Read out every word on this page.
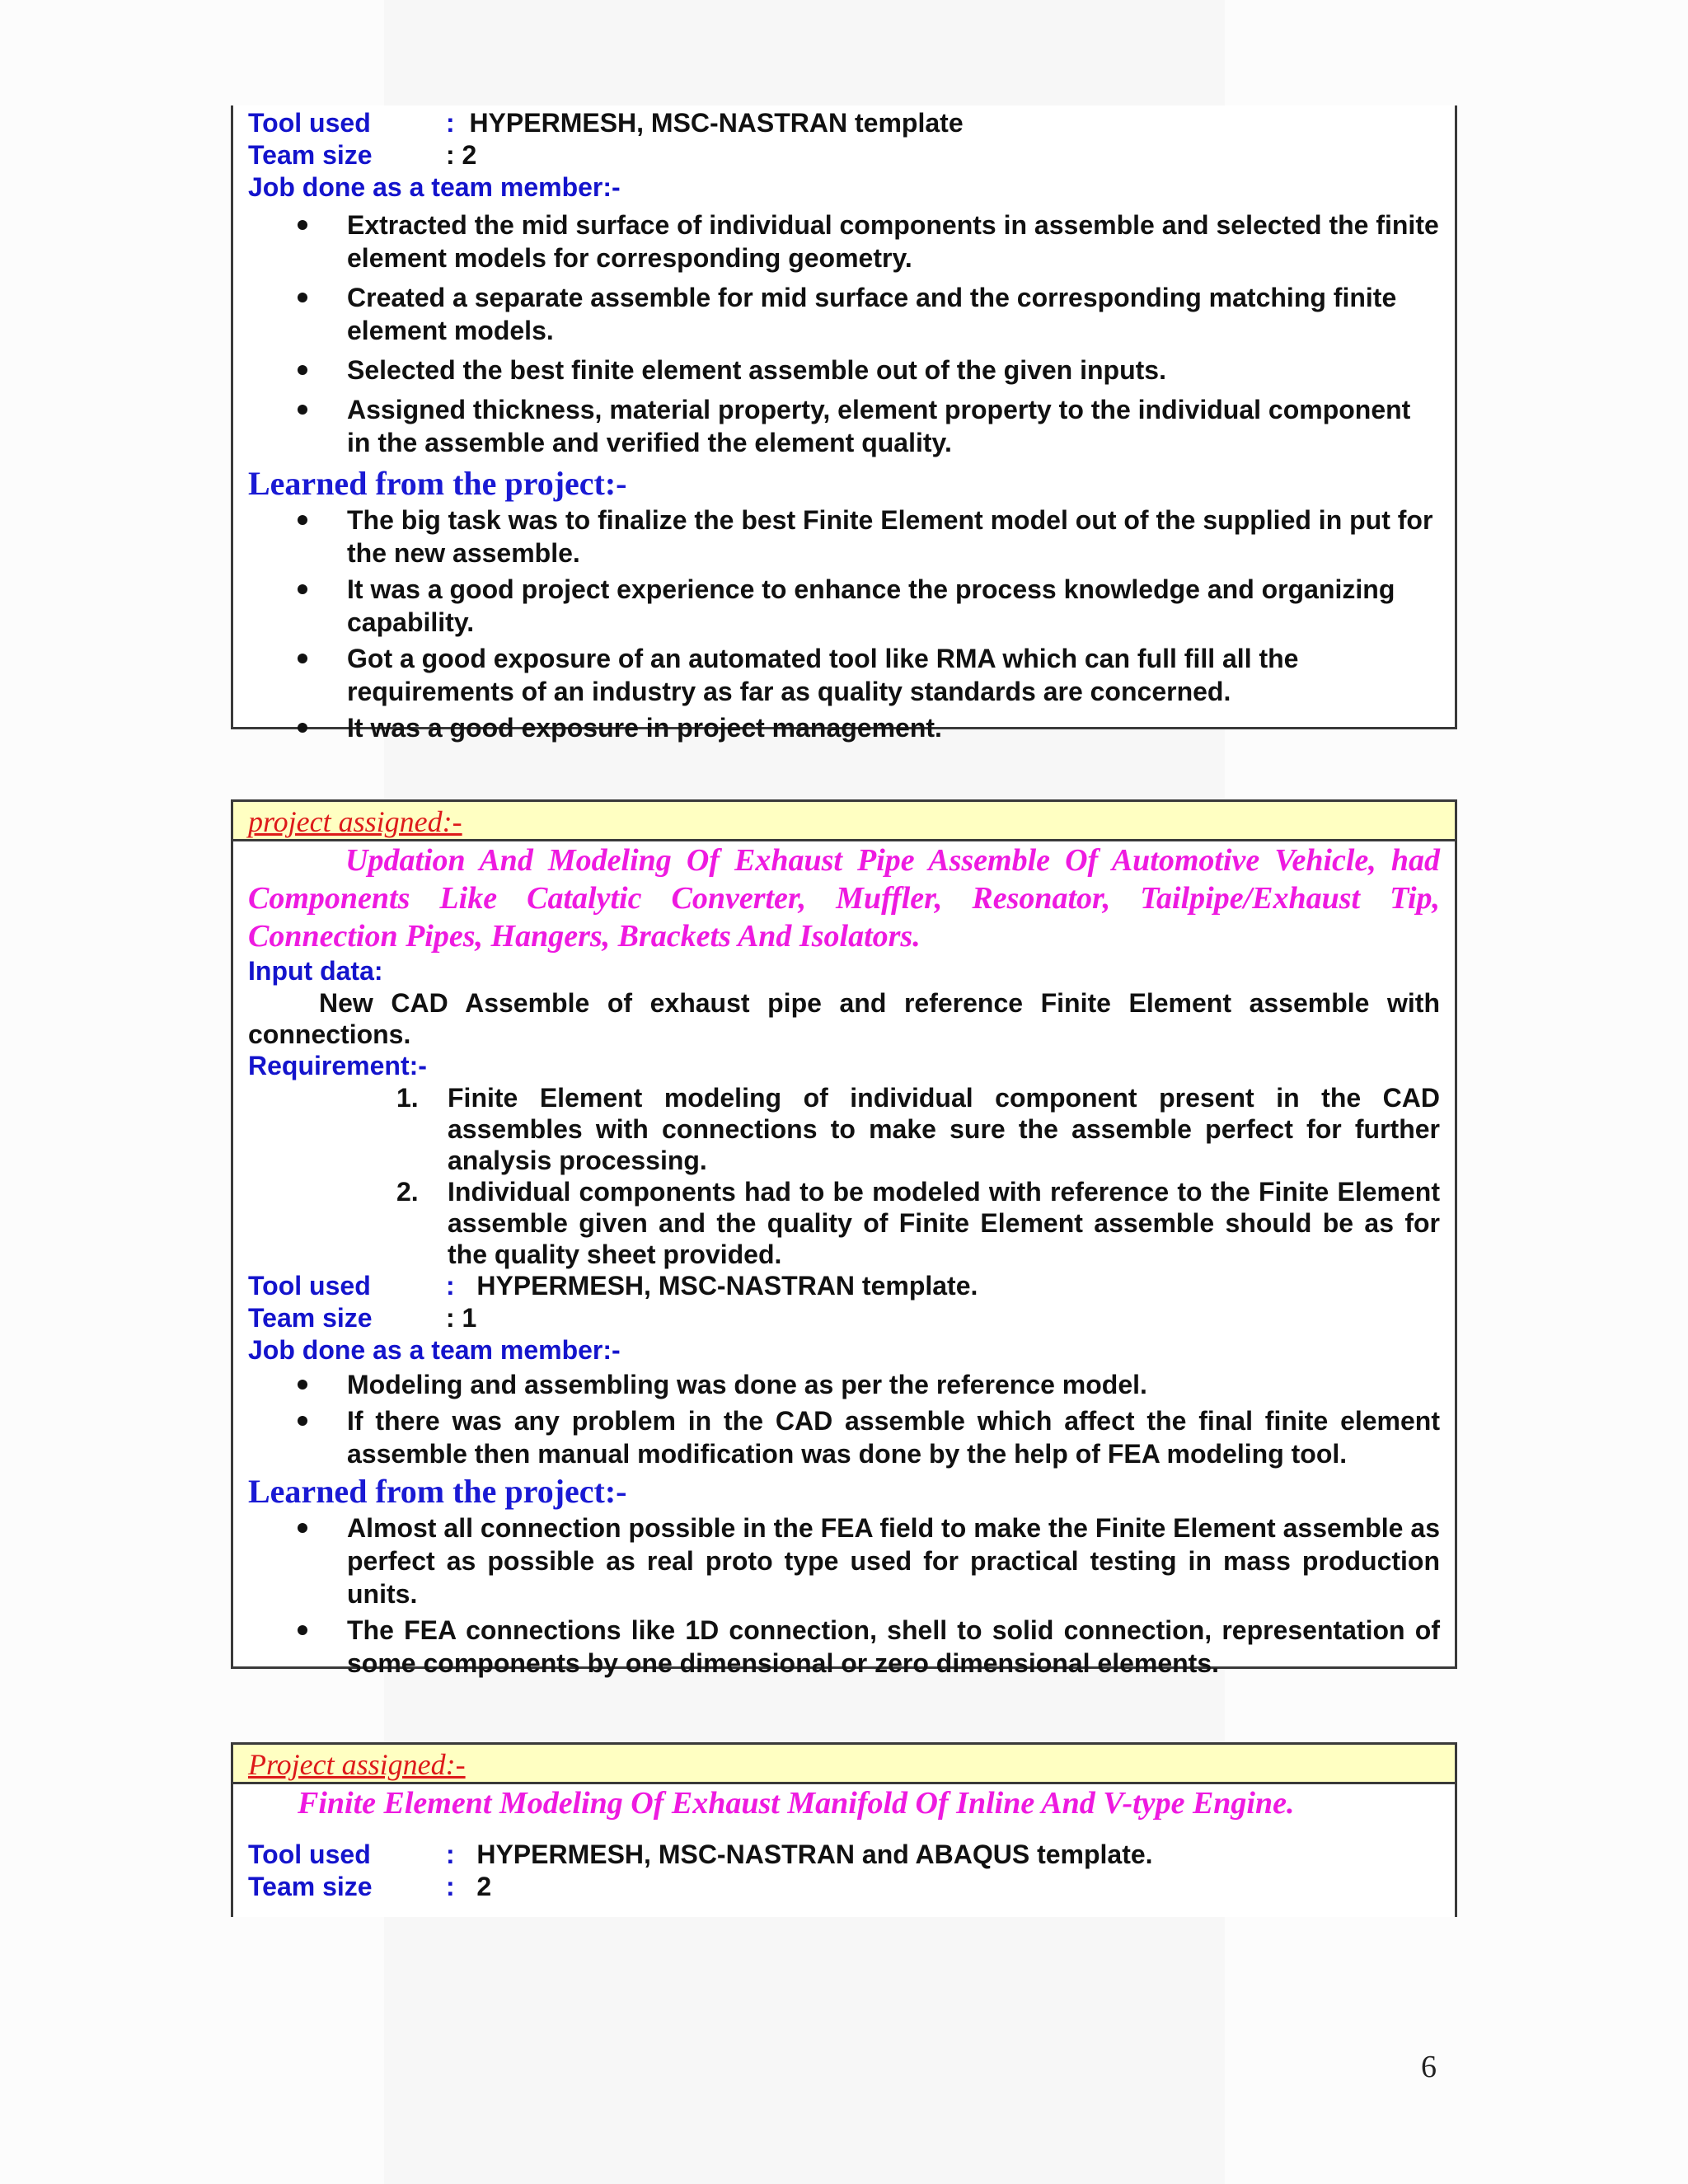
Tool used	: HYPERMESH, MSC-NASTRAN template
Team size	: 2
Job done as a team member:-
Extracted the mid surface of individual components in assemble and selected the finite element models for corresponding geometry.
Created a separate assemble for mid surface and the corresponding matching finite element models.
Selected the best finite element assemble out of the given inputs.
Assigned thickness, material property, element property to the individual component in the assemble and verified the element quality.
Learned from the project:-
The big task was to finalize the best Finite Element model out of the supplied in put for the new assemble.
It was a good project experience to enhance the process knowledge and organizing capability.
Got a good exposure of an automated tool like RMA which can full fill all the requirements of an industry as far as quality standards are concerned.
It was a good exposure in project management.
project assigned:-
Updation And Modeling Of Exhaust Pipe Assemble Of Automotive Vehicle, had Components Like Catalytic Converter, Muffler, Resonator, Tailpipe/Exhaust Tip, Connection Pipes, Hangers, Brackets And Isolators.
Input data:
New CAD Assemble of exhaust pipe and reference Finite Element assemble with connections.
Requirement:-
1. Finite Element modeling of individual component present in the CAD assembles with connections to make sure the assemble perfect for further analysis processing.
2. Individual components had to be modeled with reference to the Finite Element assemble given and the quality of Finite Element assemble should be as for the quality sheet provided.
Tool used	: HYPERMESH, MSC-NASTRAN template.
Team size	: 1
Job done as a team member:-
Modeling and assembling was done as per the reference model.
If there was any problem in the CAD assemble which affect the final finite element assemble then manual modification was done by the help of FEA modeling tool.
Learned from the project:-
Almost all connection possible in the FEA field to make the Finite Element assemble as perfect as possible as real proto type used for practical testing in mass production units.
The FEA connections like 1D connection, shell to solid connection, representation of some components by one dimensional or zero dimensional elements.
Project assigned:-
Finite Element Modeling Of Exhaust Manifold Of Inline And V-type Engine.
Tool used	: HYPERMESH, MSC-NASTRAN and ABAQUS template.
Team size	: 2
6
